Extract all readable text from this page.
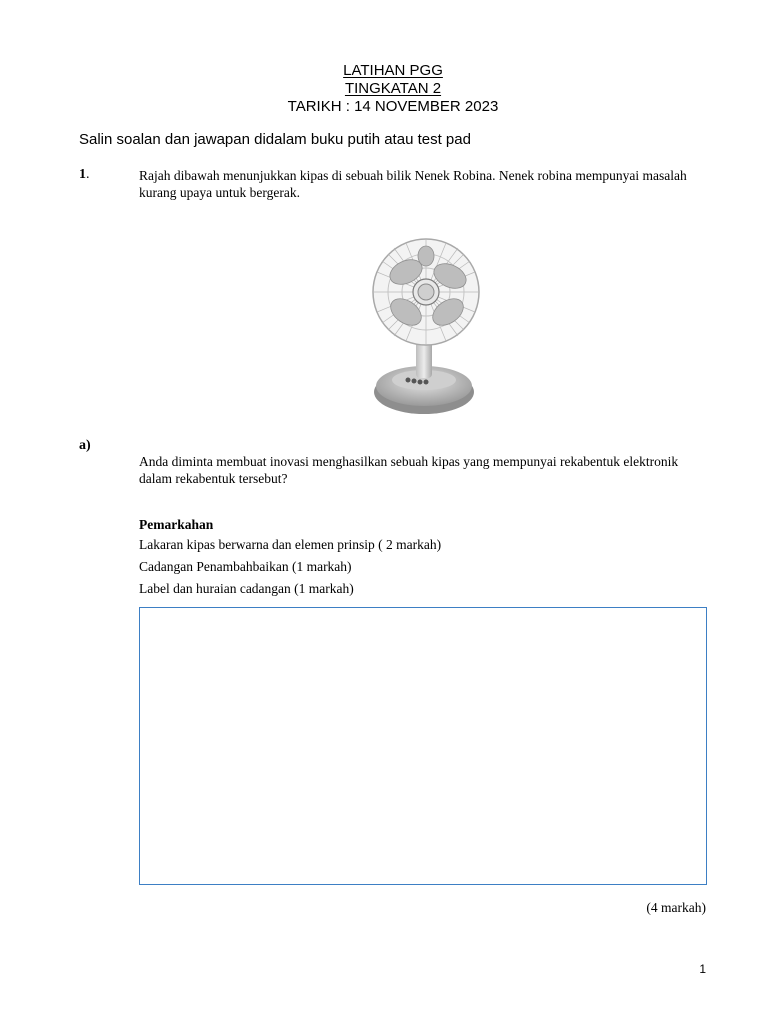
LATIHAN PGG
TINGKATAN 2
TARIKH : 14 NOVEMBER 2023
Salin soalan dan jawapan didalam buku putih atau test pad
1.	Rajah dibawah menunjukkan kipas di sebuah bilik Nenek Robina. Nenek robina mempunyai masalah kurang upaya untuk bergerak.
a)
Anda diminta membuat inovasi menghasilkan sebuah kipas yang mempunyai rekabentuk elektronik dalam rekabentuk tersebut?
Pemarkahan
Lakaran kipas berwarna dan elemen prinsip ( 2 markah)
Cadangan Penambahbaikan (1 markah)
Label dan huraian cadangan (1 markah)
(4 markah)
1
